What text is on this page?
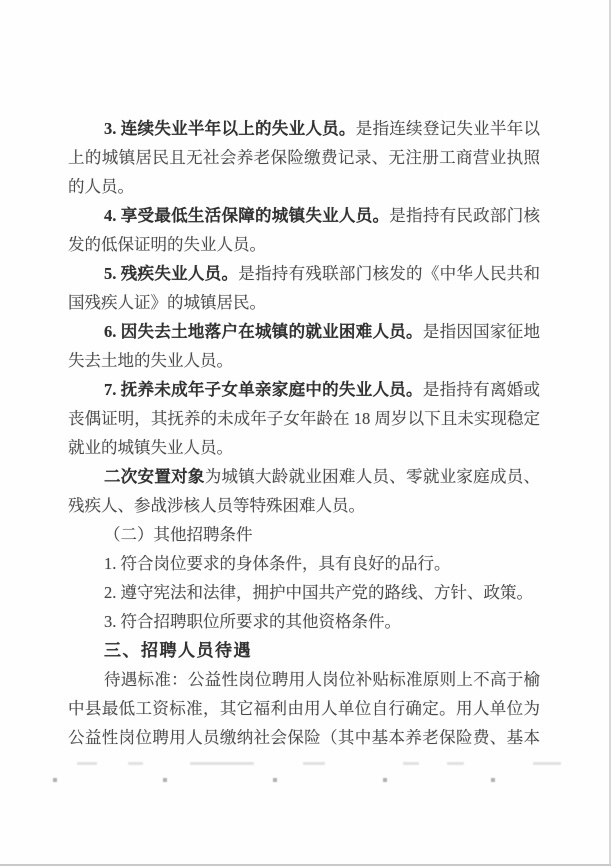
3. 连续失业半年以上的失业人员。是指连续登记失业半年以
上的城镇居民且无社会养老保险缴费记录、无注册工商营业执照
的人员。
4. 享受最低生活保障的城镇失业人员。是指持有民政部门核
发的低保证明的失业人员。
5. 残疾失业人员。是指持有残联部门核发的《中华人民共和
国残疾人证》的城镇居民。
6. 因失去土地落户在城镇的就业困难人员。是指因国家征地
失去土地的失业人员。
7. 抚养未成年子女单亲家庭中的失业人员。是指持有离婚或
丧偶证明，其抚养的未成年子女年龄在 18 周岁以下且未实现稳定
就业的城镇失业人员。
二次安置对象为城镇大龄就业困难人员、零就业家庭成员、
残疾人、参战涉核人员等特殊困难人员。
（二）其他招聘条件
1. 符合岗位要求的身体条件，具有良好的品行。
2. 遵守宪法和法律，拥护中国共产党的路线、方针、政策。
3. 符合招聘职位所要求的其他资格条件。
三、招聘人员待遇
待遇标准：公益性岗位聘用人岗位补贴标准原则上不高于榆
中县最低工资标准，其它福利由用人单位自行确定。用人单位为
公益性岗位聘用人员缴纳社会保险（其中基本养老保险费、基本
